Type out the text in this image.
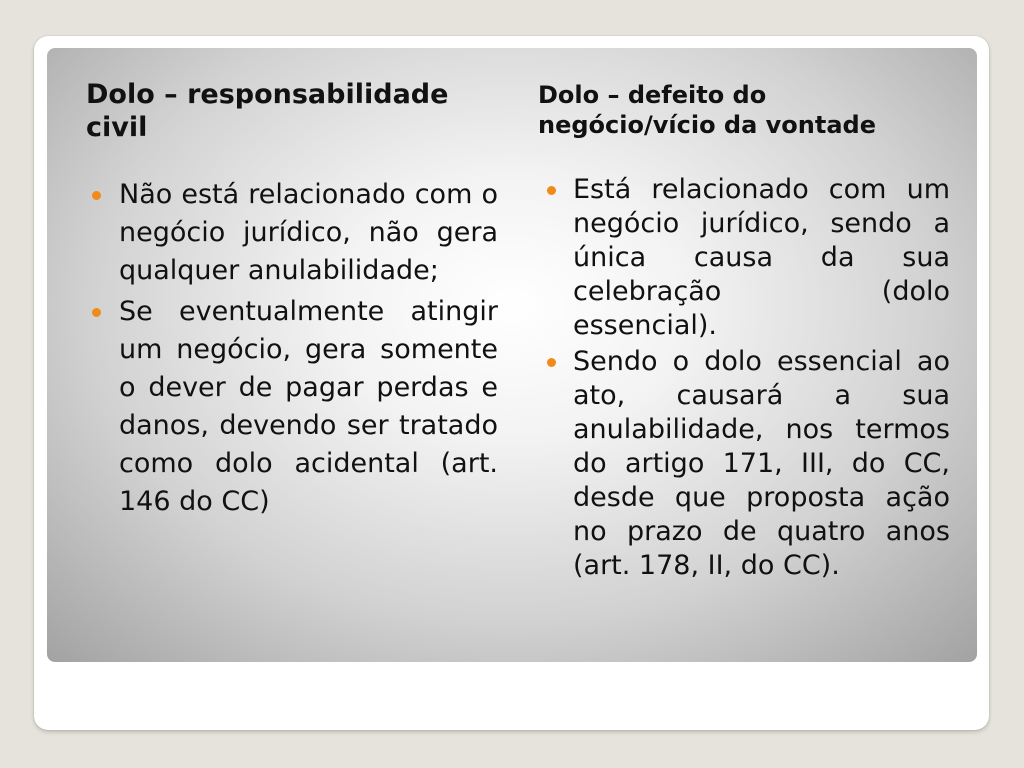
Dolo – responsabilidade civil
Não está relacionado com o negócio jurídico, não gera qualquer anulabilidade;
Se eventualmente atingir um negócio, gera somente o dever de pagar perdas e danos, devendo ser tratado como dolo acidental (art. 146 do CC)
Dolo – defeito do negócio/vício da vontade
Está relacionado com um negócio jurídico, sendo a única causa da sua celebração (dolo essencial).
Sendo o dolo essencial ao ato, causará a sua anulabilidade, nos termos do artigo 171, III, do CC, desde que proposta ação no prazo de quatro anos (art. 178, II, do CC).
